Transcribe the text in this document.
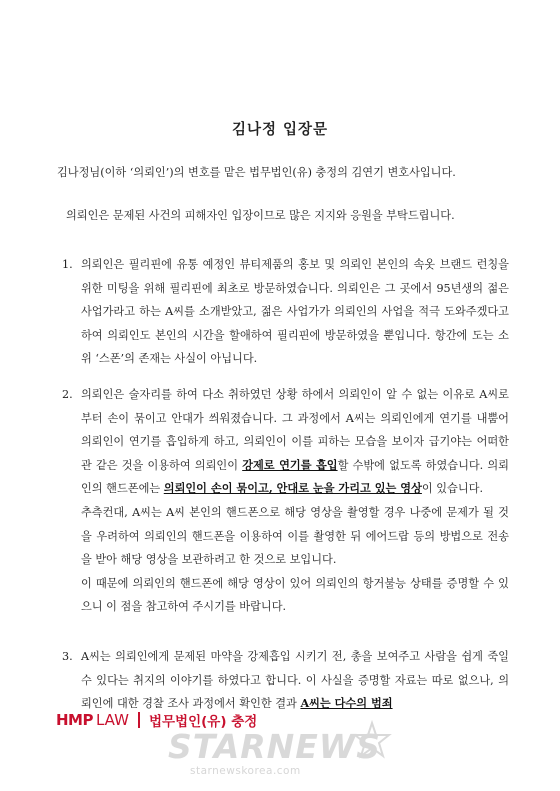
김나정 입장문
김나정님(이하 ‘의뢰인’)의 변호를 맡은 법무법인(유) 충정의 김연기 변호사입니다.
의뢰인은 문제된 사건의 피해자인 입장이므로 많은 지지와 응원을 부탁드립니다.
1. 의뢰인은 필리핀에 유통 예정인 뷰티제품의 홍보 및 의뢰인 본인의 속옷 브랜드 런칭을 위한 미팅을 위해 필리핀에 최초로 방문하였습니다. 의뢰인은 그 곳에서 95년생의 젊은 사업가라고 하는 A씨를 소개받았고, 젊은 사업가가 의뢰인의 사업을 적극 도와주겠다고 하여 의뢰인도 본인의 시간을 할애하여 필리핀에 방문하였을 뿐입니다. 항간에 도는 소위 ‘스폰’의 존재는 사실이 아닙니다.
2. 의뢰인은 술자리를 하여 다소 취하였던 상황 하에서 의뢰인이 알 수 없는 이유로 A씨로부터 손이 묶이고 안대가 씌워졌습니다. 그 과정에서 A씨는 의뢰인에게 연기를 내뿜어 의뢰인이 연기를 흡입하게 하고, 의뢰인이 이를 피하는 모습을 보이자 급기야는 어떠한 관 같은 것을 이용하여 의뢰인이 강제로 연기를 흡입할 수밖에 없도록 하였습니다. 의뢰인의 핸드폰에는 의뢰인이 손이 묶이고, 안대로 눈을 가리고 있는 영상이 있습니다.
추측컨대, A씨는 A씨 본인의 핸드폰으로 해당 영상을 촬영할 경우 나중에 문제가 될 것을 우려하여 의뢰인의 핸드폰을 이용하여 이를 촬영한 뒤 에어드랍 등의 방법으로 전송을 받아 해당 영상을 보관하려고 한 것으로 보입니다.
이 때문에 의뢰인의 핸드폰에 해당 영상이 있어 의뢰인의 항거불능 상태를 증명할 수 있으니 이 점을 참고하여 주시기를 바랍니다.
3. A씨는 의뢰인에게 문제된 마약을 강제흡입 시키기 전, 총을 보여주고 사람을 쉽게 죽일 수 있다는 취지의 이야기를 하였다고 합니다. 이 사실을 증명할 자료는 따로 없으나, 의뢰인에 대한 경찰 조사 과정에서 확인한 결과 A씨는 다수의 범죄
HMP LAW 법무법인(유) 충정
STARNEWS
starnewskorea.com
